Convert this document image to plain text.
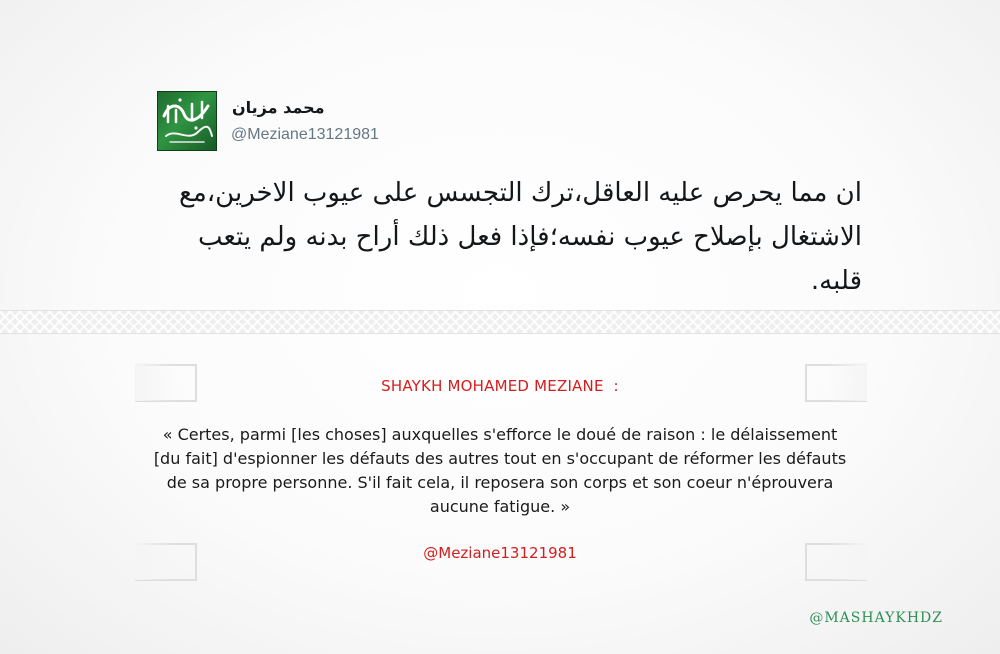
محمد مزيان
@Meziane13121981
ان مما يحرص عليه العاقل،ترك التجسس على عيوب الاخرين،مع الاشتغال بإصلاح عيوب نفسه؛فإذا فعل ذلك أراح بدنه ولم يتعب قلبه.
SHAYKH MOHAMED MEZIANE  :
« Certes, parmi [les choses] auxquelles s'efforce le doué de raison : le délaissement [du fait] d'espionner les défauts des autres tout en s'occupant de réformer les défauts de sa propre personne. S'il fait cela, il reposera son corps et son coeur n'éprouvera aucune fatigue. »
@Meziane13121981
@MASHAYKHDZ
